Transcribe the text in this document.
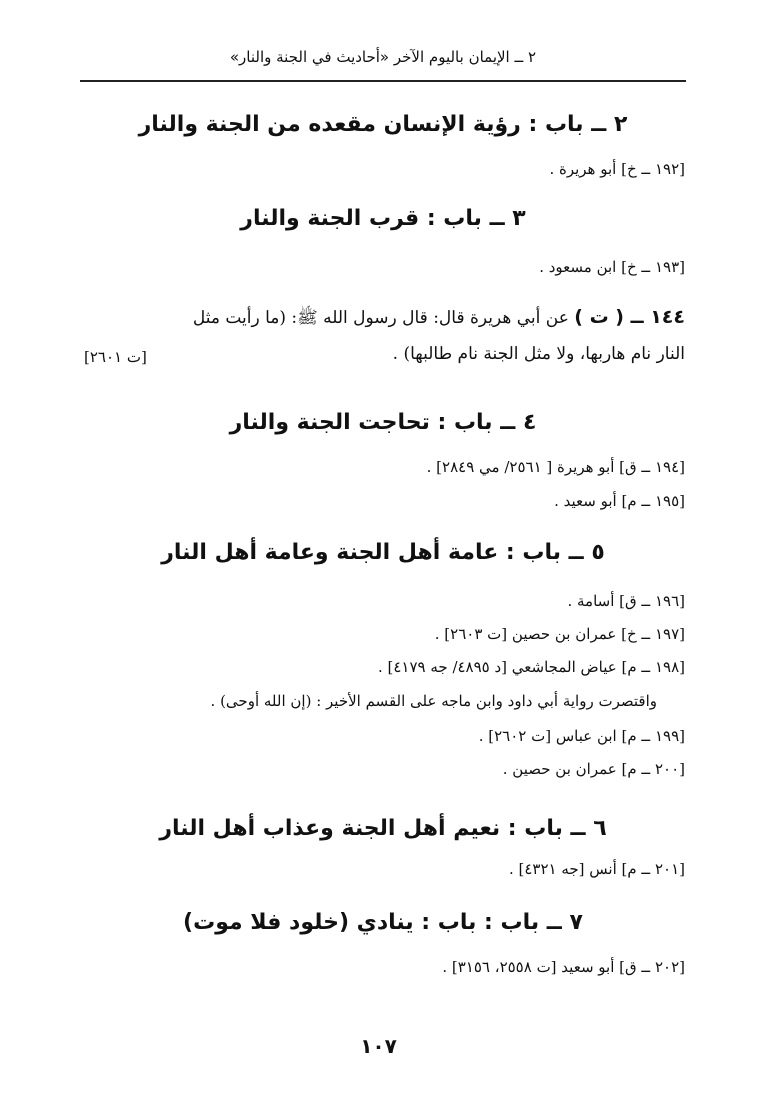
٢ ــ الإيمان باليوم الآخر «أحاديث في الجنة والنار»
٢ ــ باب : رؤية الإنسان مقعده من الجنة والنار
[١٩٢ ــ خ] أبو هريرة .
٣ ــ باب : قرب الجنة والنار
[١٩٣ ــ خ] ابن مسعود .
١٤٤ ــ ( ت ) عن أبي هريرة قال: قال رسول الله ﷺ: (ما رأيت مثل
النار نام هاربها، ولا مثل الجنة نام طالبها) .
[ت ٢٦٠١]
٤ ــ باب : تحاجت الجنة والنار
[١٩٤ ــ ق] أبو هريرة [ ٢٥٦١/ مي ٢٨٤٩] .
[١٩٥ ــ م] أبو سعيد .
٥ ــ باب : عامة أهل الجنة وعامة أهل النار
[١٩٦ ــ ق] أسامة .
[١٩٧ ــ خ] عمران بن حصين [ت ٢٦٠٣] .
[١٩٨ ــ م] عياض المجاشعي [د ٤٨٩٥/ جه ٤١٧٩] .
واقتصرت رواية أبي داود وابن ماجه على القسم الأخير : (إن الله أوحى) .
[١٩٩ ــ م] ابن عباس [ت ٢٦٠٢] .
[٢٠٠ ــ م] عمران بن حصين .
٦ ــ باب : نعيم أهل الجنة وعذاب أهل النار
[٢٠١ ــ م] أنس [جه ٤٣٢١] .
٧ ــ باب : باب : ينادي (خلود فلا موت)
[٢٠٢ ــ ق] أبو سعيد [ت ٢٥٥٨، ٣١٥٦] .
١٠٧
